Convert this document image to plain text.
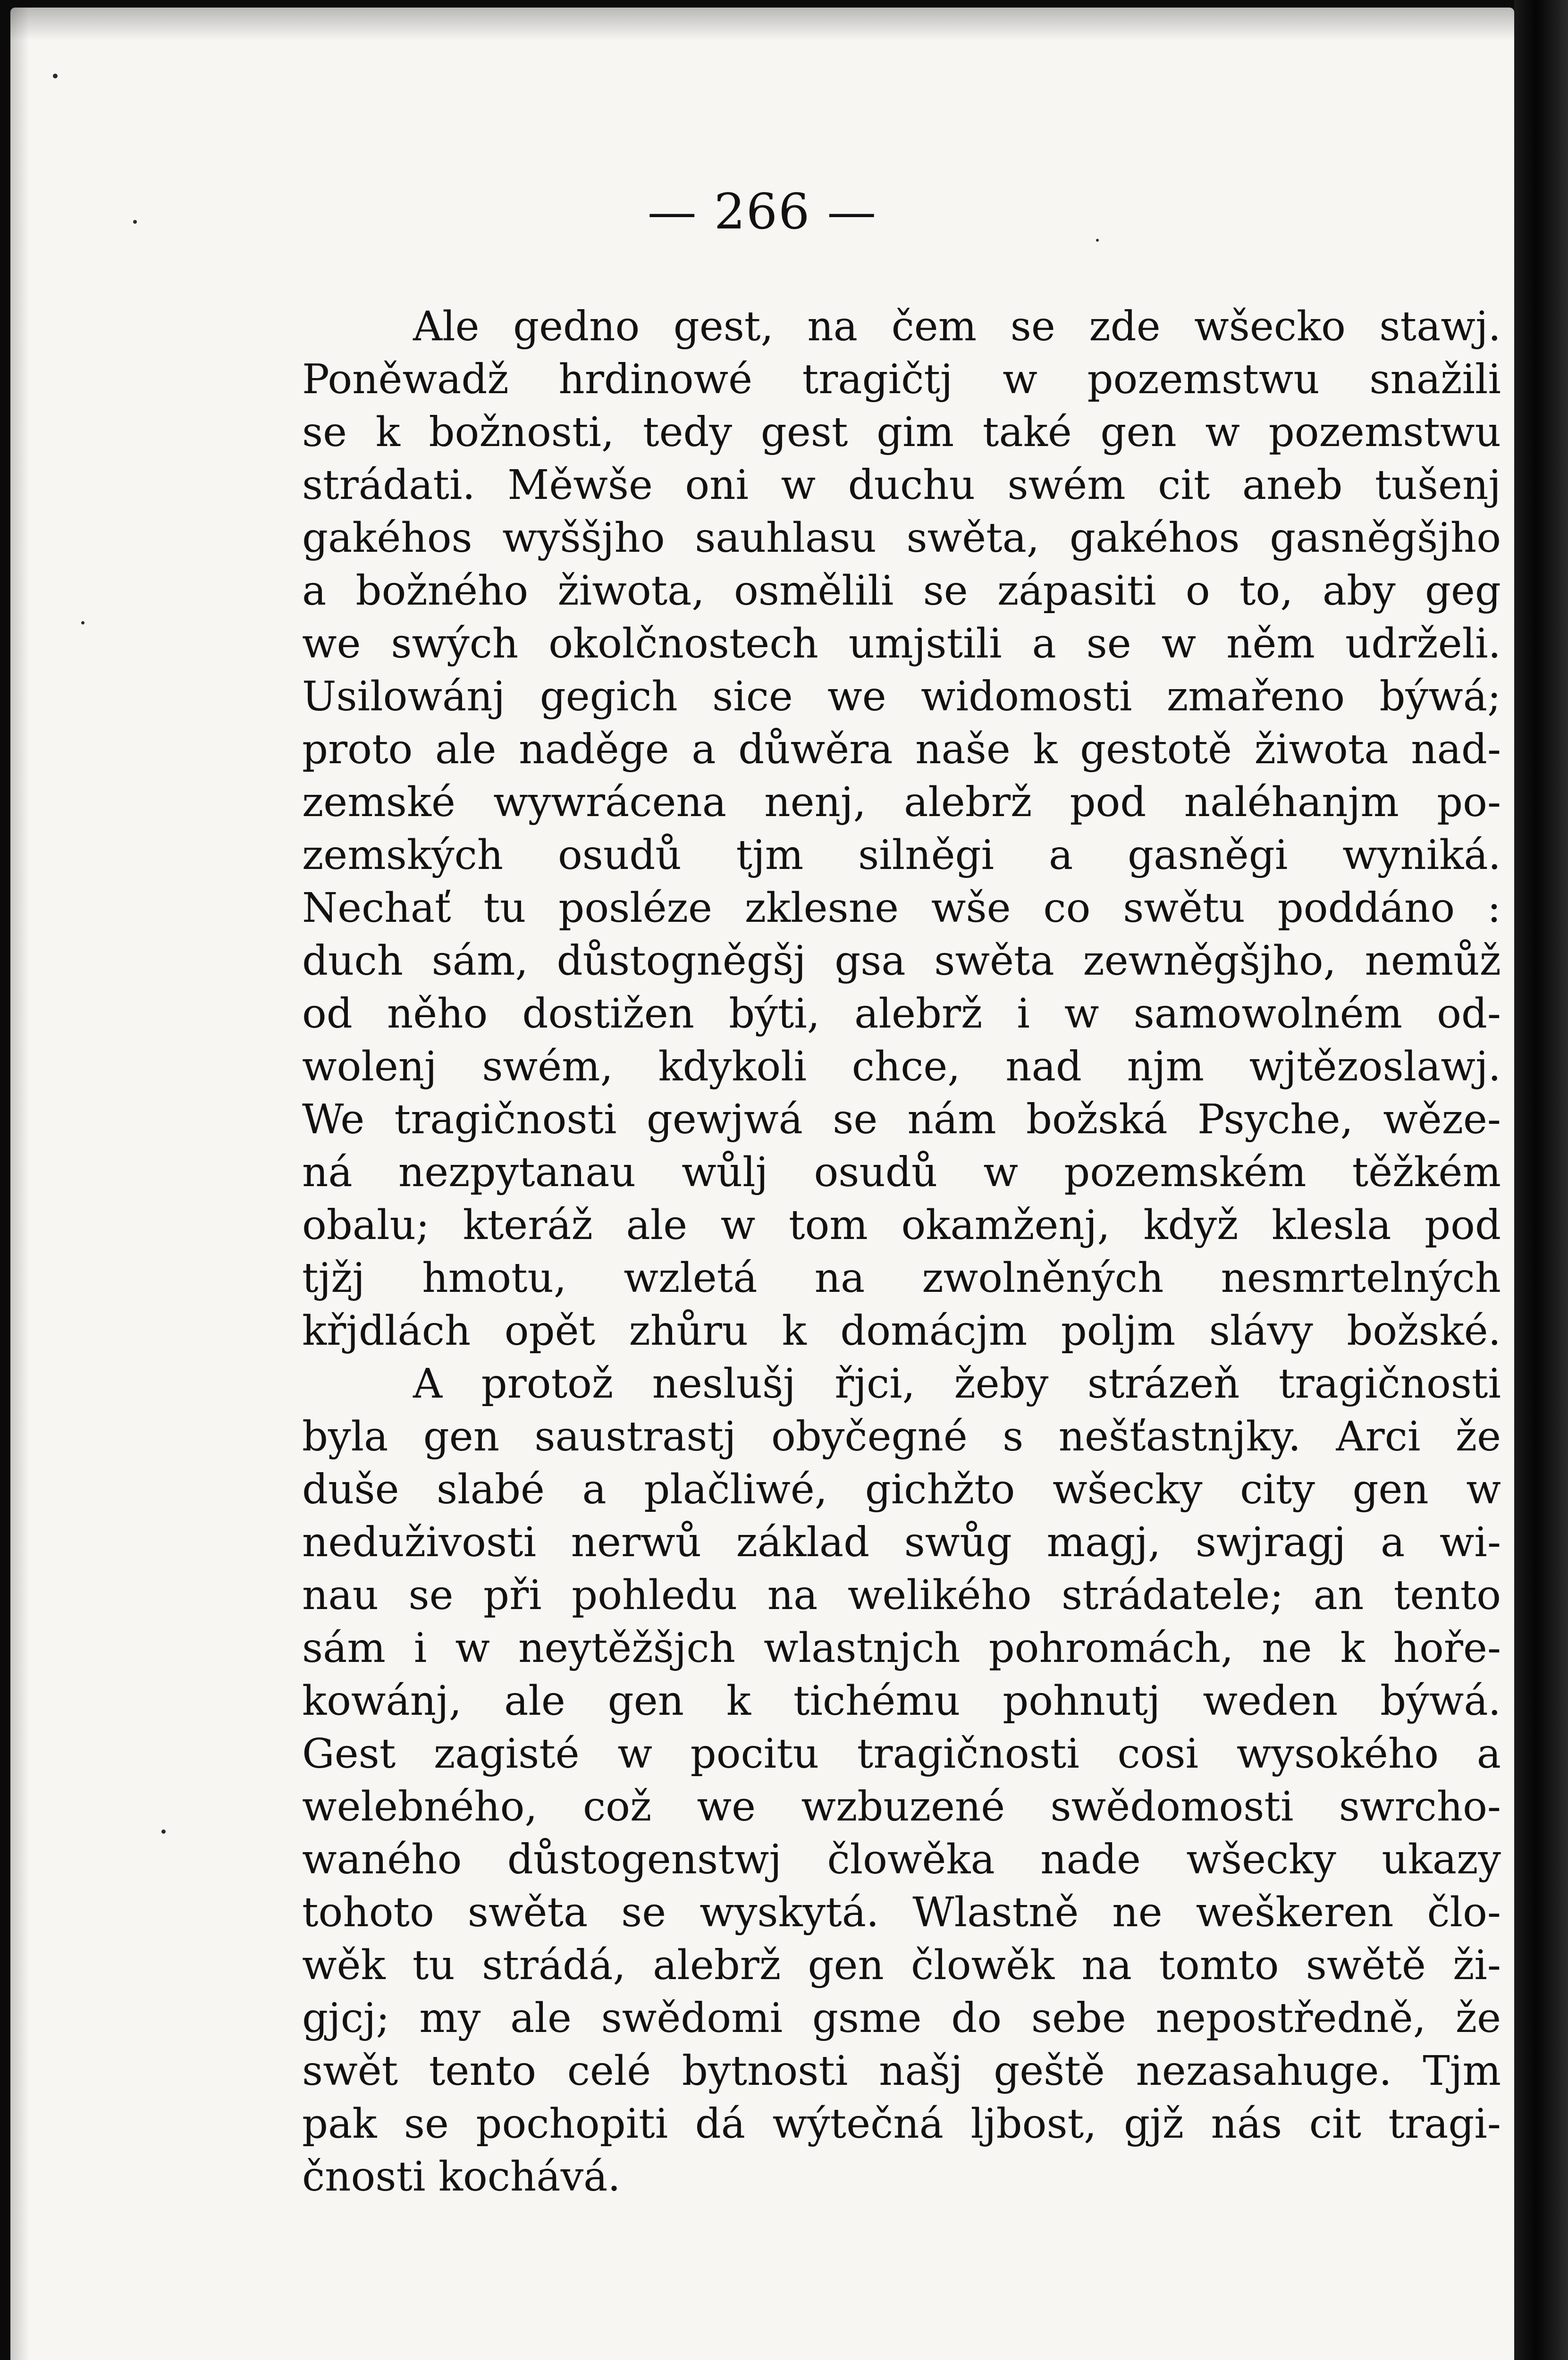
— 266 —
Ale gedno gest, na čem se zde wšecko stawj.
Poněwadž hrdinowé tragičtj w pozemstwu snažili
se k božnosti, tedy gest gim také gen w pozemstwu
strádati. Měwše oni w duchu swém cit aneb tušenj
gakéhos wyššjho sauhlasu swěta, gakéhos gasněgšjho
a božného žiwota, osmělili se zápasiti o to, aby geg
we swých okolčnostech umjstili a se w něm udrželi.
Usilowánj gegich sice we widomosti zmařeno býwá;
proto ale naděge a důwěra naše k gestotě žiwota nad-
zemské wywrácena nenj, alebrž pod naléhanjm po-
zemských osudů tjm silněgi a gasněgi wyniká.
Nechať tu posléze zklesne wše co swětu poddáno :
duch sám, důstogněgšj gsa swěta zewněgšjho, nemůž
od něho dostižen býti, alebrž i w samowolném od-
wolenj swém, kdykoli chce, nad njm wjtězoslawj.
We tragičnosti gewjwá se nám božská Psyche, wěze-
ná nezpytanau wůlj osudů w pozemském těžkém
obalu; kteráž ale w tom okamženj, když klesla pod
tjžj hmotu, wzletá na zwolněných nesmrtelných
křjdlách opět zhůru k domácjm poljm slávy božské.
A protož neslušj řjci, žeby strázeň tragičnosti
byla gen saustrastj obyčegné s nešťastnjky. Arci že
duše slabé a plačliwé, gichžto wšecky city gen w
neduživosti nerwů základ swůg magj, swjragj a wi-
nau se při pohledu na welikého strádatele; an tento
sám i w neytěžšjch wlastnjch pohromách, ne k hoře-
kowánj, ale gen k tichému pohnutj weden býwá.
Gest zagisté w pocitu tragičnosti cosi wysokého a
welebného, což we wzbuzené swědomosti swrcho-
waného důstogenstwj člowěka nade wšecky ukazy
tohoto swěta se wyskytá. Wlastně ne weškeren člo-
wěk tu strádá, alebrž gen člowěk na tomto swětě ži-
gjcj; my ale swědomi gsme do sebe nepostředně, že
swět tento celé bytnosti našj geště nezasahuge. Tjm
pak se pochopiti dá wýtečná ljbost, gjž nás cit tragi-
čnosti kochává.
